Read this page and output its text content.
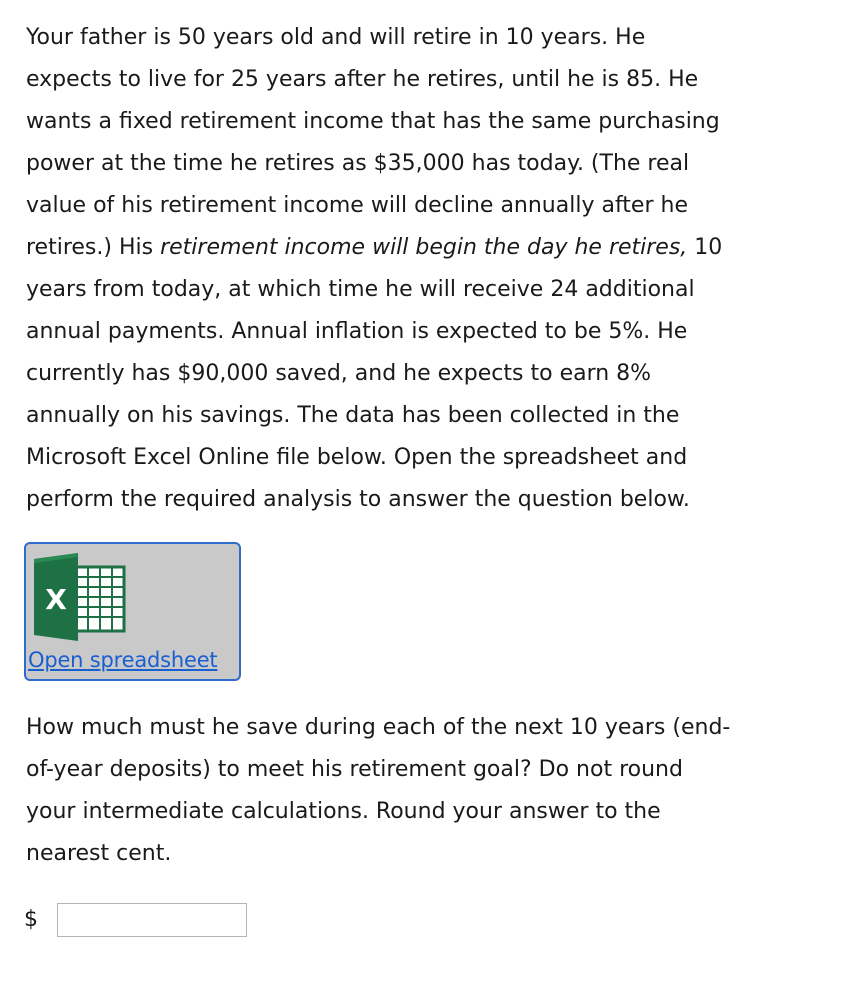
Your father is 50 years old and will retire in 10 years. He
expects to live for 25 years after he retires, until he is 85. He
wants a fixed retirement income that has the same purchasing
power at the time he retires as $35,000 has today. (The real
value of his retirement income will decline annually after he
retires.) His retirement income will begin the day he retires, 10
years from today, at which time he will receive 24 additional
annual payments. Annual inflation is expected to be 5%. He
currently has $90,000 saved, and he expects to earn 8%
annually on his savings. The data has been collected in the
Microsoft Excel Online file below. Open the spreadsheet and
perform the required analysis to answer the question below.
X
Open spreadsheet
How much must he save during each of the next 10 years (end-
of-year deposits) to meet his retirement goal? Do not round
your intermediate calculations. Round your answer to the
nearest cent.
$
